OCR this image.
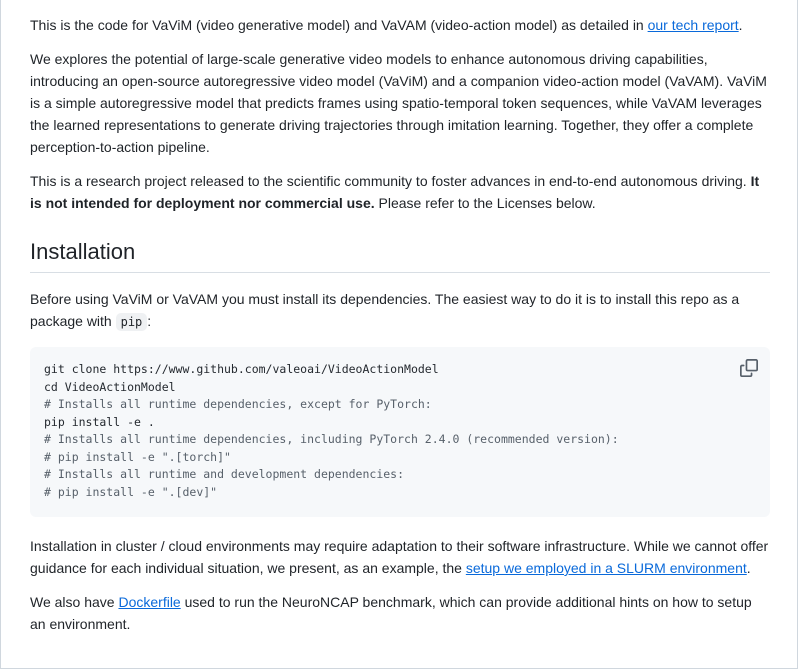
This is the code for VaViM (video generative model) and VaVAM (video-action model) as detailed in our tech report.

We explores the potential of large-scale generative video models to enhance autonomous driving capabilities, introducing an open-source autoregressive video model (VaViM) and a companion video-action model (VaVAM). VaViM is a simple autoregressive model that predicts frames using spatio-temporal token sequences, while VaVAM leverages the learned representations to generate driving trajectories through imitation learning. Together, they offer a complete perception-to-action pipeline.

This is a research project released to the scientific community to foster advances in end-to-end autonomous driving. It is not intended for deployment nor commercial use. Please refer to the Licenses below.

Installation

Before using VaViM or VaVAM you must install its dependencies. The easiest way to do it is to install this repo as a package with pip :

git clone https://www.github.com/valeoai/VideoActionModel
cd VideoActionModel
# Installs all runtime dependencies, except for PyTorch:
pip install -e .
# Installs all runtime dependencies, including PyTorch 2.4.0 (recommended version):
# pip install -e ".[torch]"
# Installs all runtime and development dependencies:
# pip install -e ".[dev]"

Installation in cluster / cloud environments may require adaptation to their software infrastructure. While we cannot offer guidance for each individual situation, we present, as an example, the setup we employed in a SLURM environment.

We also have Dockerfile used to run the NeuroNCAP benchmark, which can provide additional hints on how to setup an environment.
